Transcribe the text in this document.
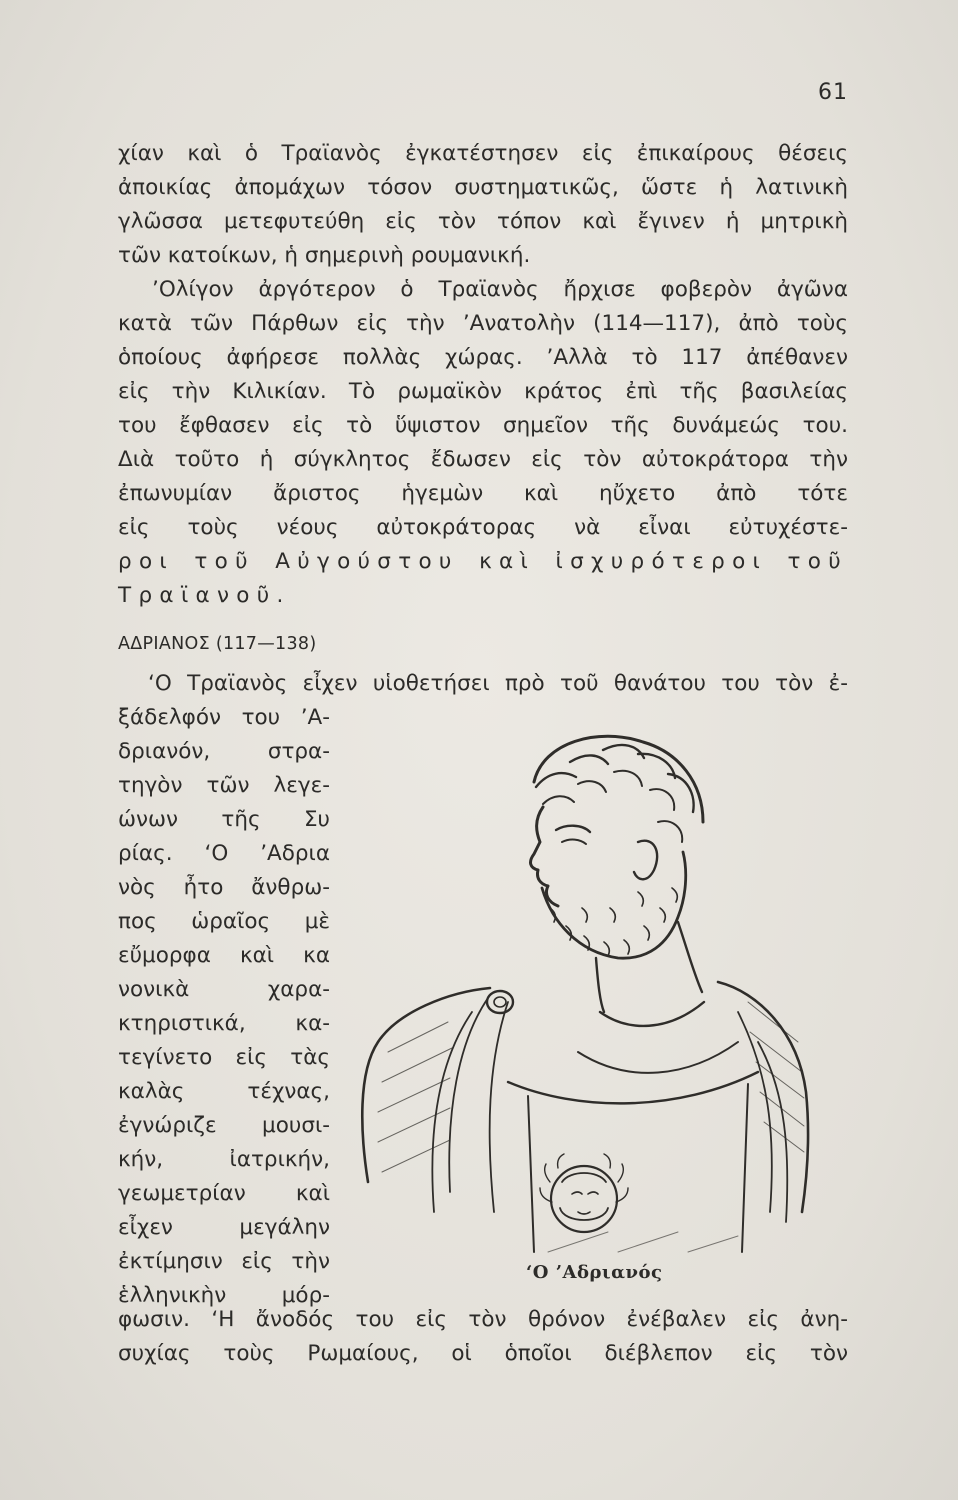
61
χίαν καὶ ὁ Τραϊανὸς ἐγκατέστησεν εἰς ἐπικαίρους θέσεις
ἀποικίας ἀπομάχων τόσον συστηματικῶς, ὥστε ἡ λατινικὴ
γλῶσσα μετεφυτεύθη εἰς τὸν τόπον καὶ ἔγινεν ἡ μητρικὴ
τῶν κατοίκων, ἡ σημερινὴ ρουμανική.
’Ολίγον ἀργότερον ὁ Τραϊανὸς ἤρχισε φοβερὸν ἀγῶνα
κατὰ τῶν Πάρθων εἰς τὴν ’Ανατολὴν (114—117), ἀπὸ τοὺς
ὁποίους ἀφήρεσε πολλὰς χώρας. ’Αλλὰ τὸ 117 ἀπέθανεν
εἰς τὴν Κιλικίαν. Τὸ ρωμαϊκὸν κράτος ἐπὶ τῆς βασιλείας
του ἔφθασεν εἰς τὸ ὕψιστον σημεῖον τῆς δυνάμεώς του.
Διὰ τοῦτο ἡ σύγκλητος ἔδωσεν εἰς τὸν αὐτοκράτορα τὴν
ἐπωνυμίαν ἄριστος ἡγεμὼν καὶ ηὔχετο ἀπὸ τότε
εἰς τοὺς νέους αὐτοκράτορας νὰ εἶναι εὐτυχέστε-
ροι τοῦ Αὐγούστου καὶ ἰσχυρότεροι τοῦ
Τραϊανοῦ.
ΑΔΡΙΑΝΟΣ (117—138)
‘Ο Τραϊανὸς εἶχεν υἱοθετήσει πρὸ τοῦ θανάτου του τὸν ἐ-
ξάδελφόν του ’Α-
δριανόν, στρα-
τηγὸν τῶν λεγε-
ώνων τῆς Συ
ρίας. ‘Ο ’Αδρια
νὸς ἦτο ἄνθρω-
πος ὡραῖος μὲ
εὔμορφα καὶ κα
νονικὰ χαρα-
κτηριστικά, κα-
τεγίνετο εἰς τὰς
καλὰς τέχνας,
ἐγνώριζε μουσι-
κήν, ἰατρικήν,
γεωμετρίαν καὶ
εἶχεν μεγάλην
ἐκτίμησιν εἰς τὴν
ἑλληνικὴν μόρ-
‘Ο ’Αδριανός
φωσιν. ‘Η ἄνοδός του εἰς τὸν θρόνον ἐνέβαλεν εἰς ἀνη-
συχίας τοὺς Ρωμαίους, οἱ ὁποῖοι διέβλεπον εἰς τὸν
